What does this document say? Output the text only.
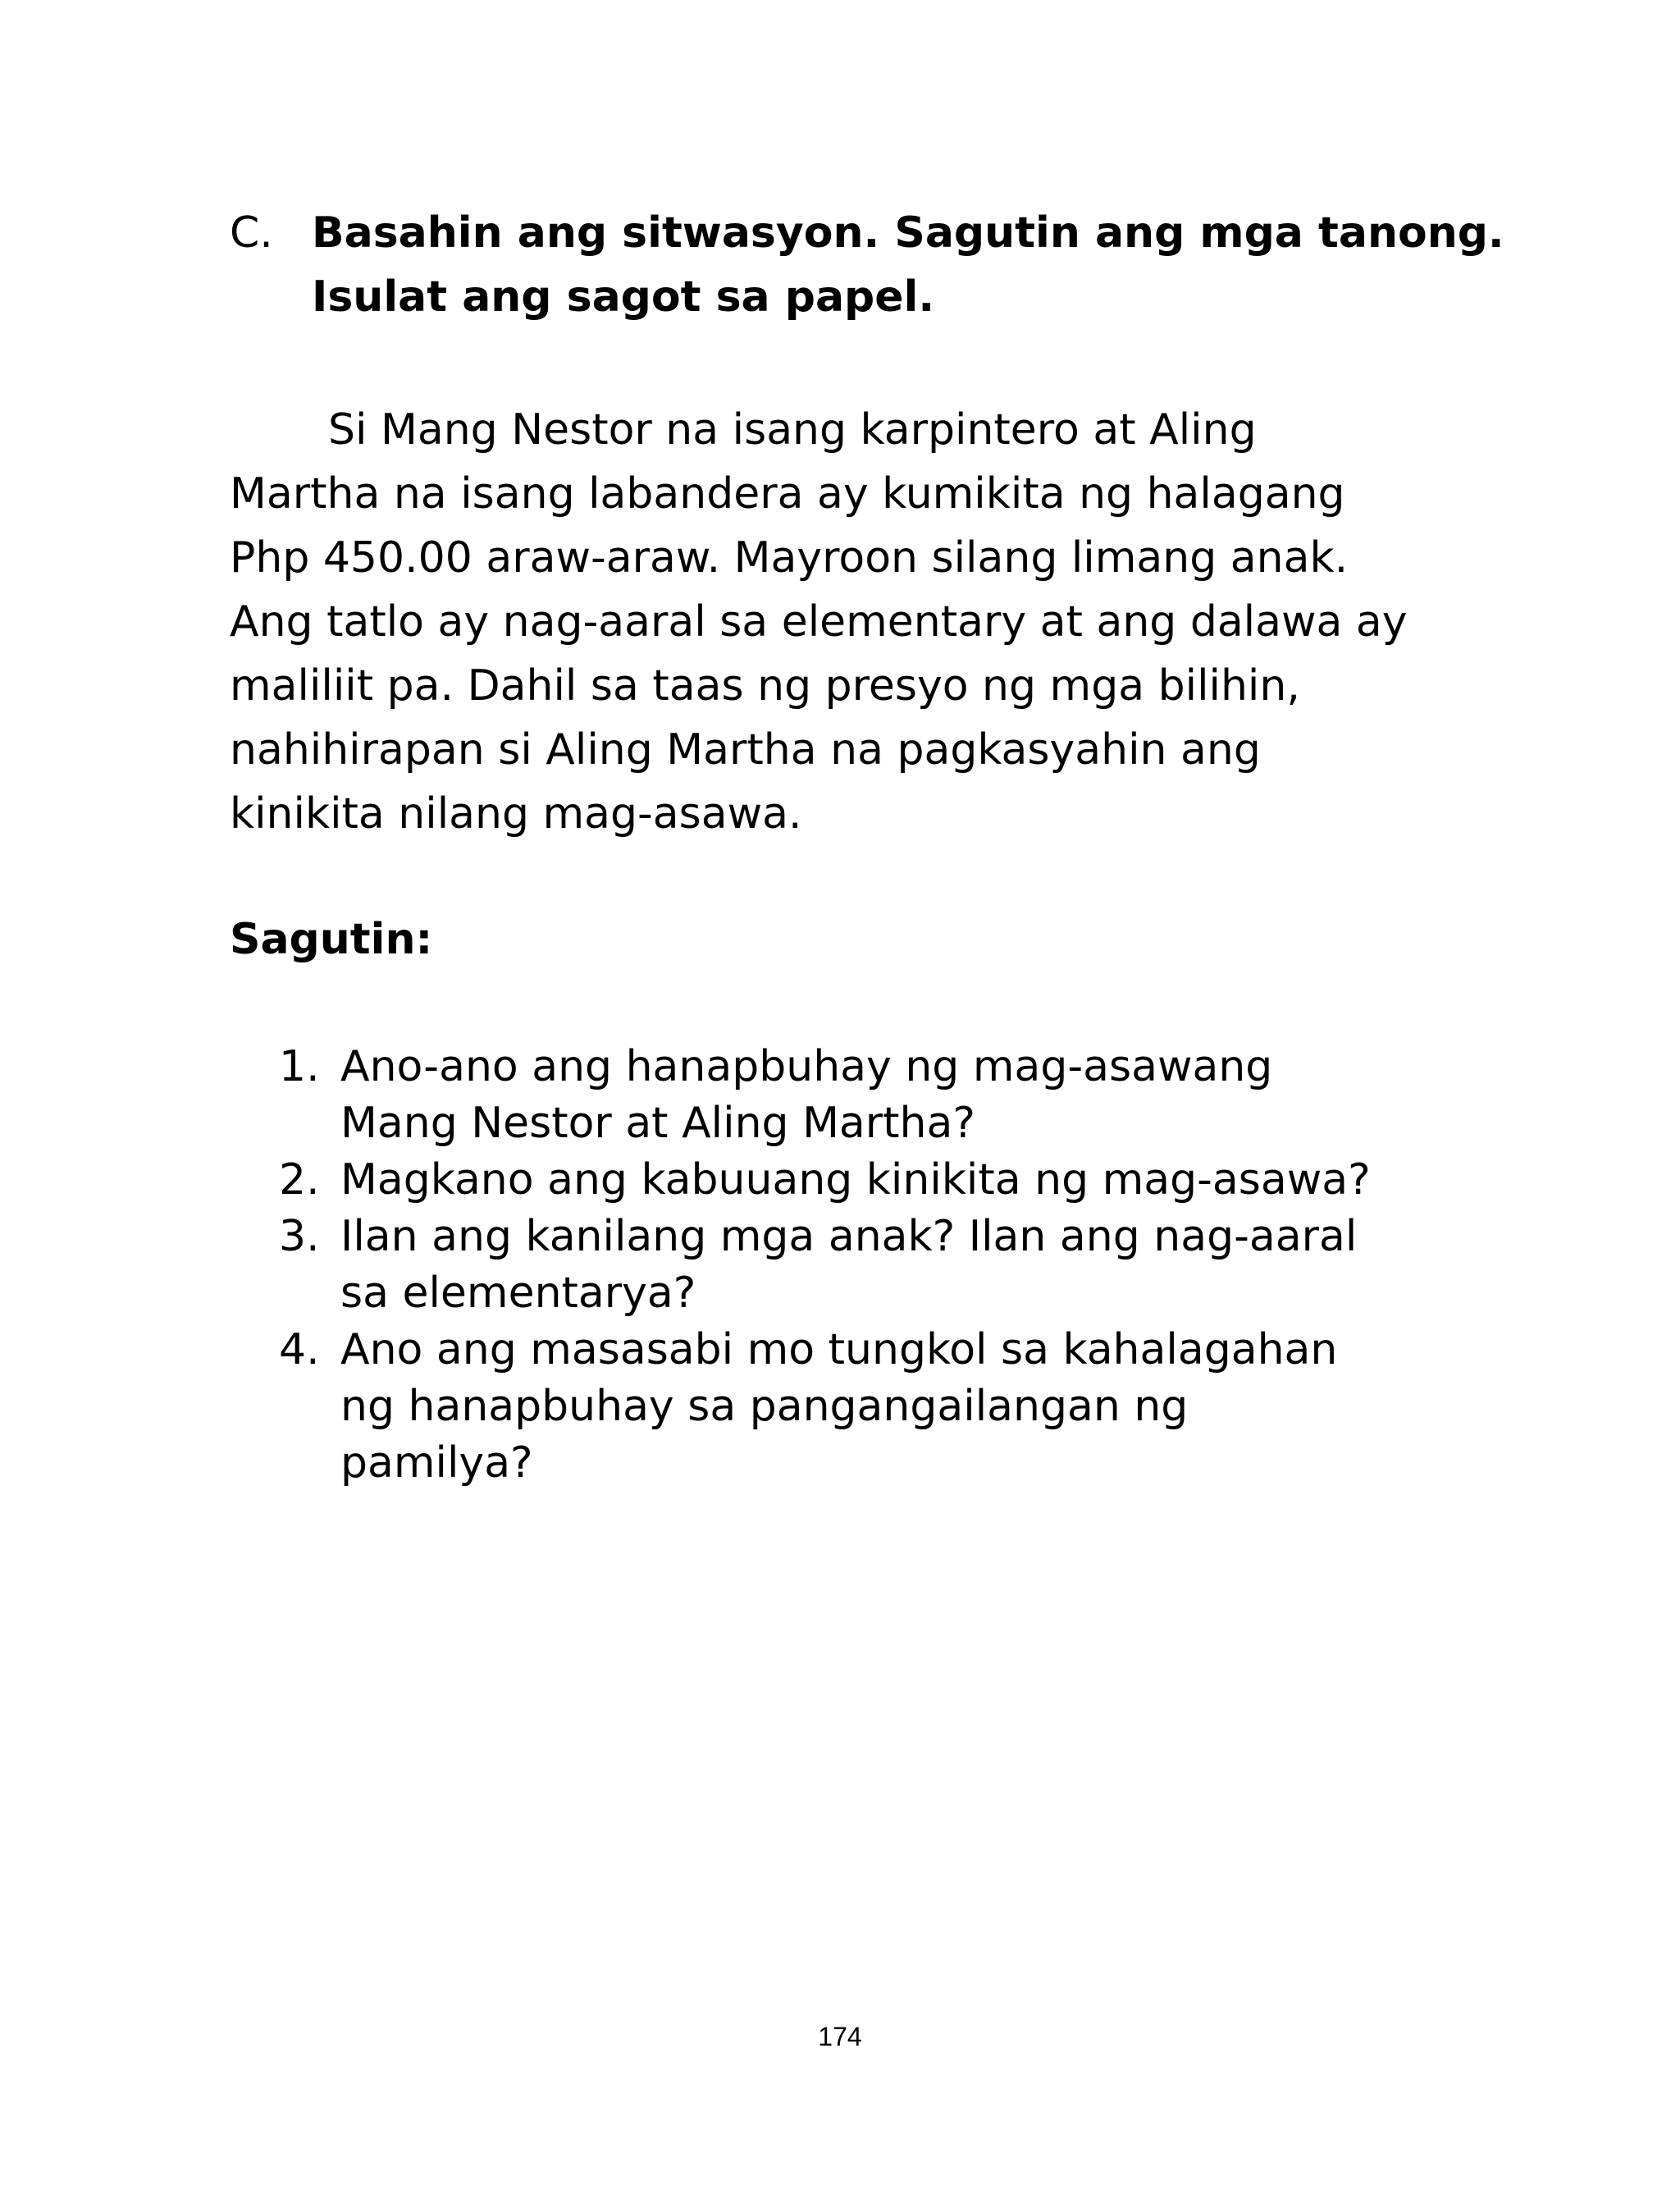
C. Basahin ang sitwasyon. Sagutin ang mga tanong. Isulat ang sagot sa papel.

Si Mang Nestor na isang karpintero at Aling Martha na isang labandera ay kumikita ng halagang Php 450.00 araw-araw. Mayroon silang limang anak. Ang tatlo ay nag-aaral sa elementary at ang dalawa ay maliliit pa. Dahil sa taas ng presyo ng mga bilihin, nahihirapan si Aling Martha na pagkasyahin ang kinikita nilang mag-asawa.

Sagutin:

1. Ano-ano ang hanapbuhay ng mag-asawang Mang Nestor at Aling Martha?
2. Magkano ang kabuuang kinikita ng mag-asawa?
3. Ilan ang kanilang mga anak? Ilan ang nag-aaral sa elementarya?
4. Ano ang masasabi mo tungkol sa kahalagahan ng hanapbuhay sa pangangailangan ng pamilya?
174
